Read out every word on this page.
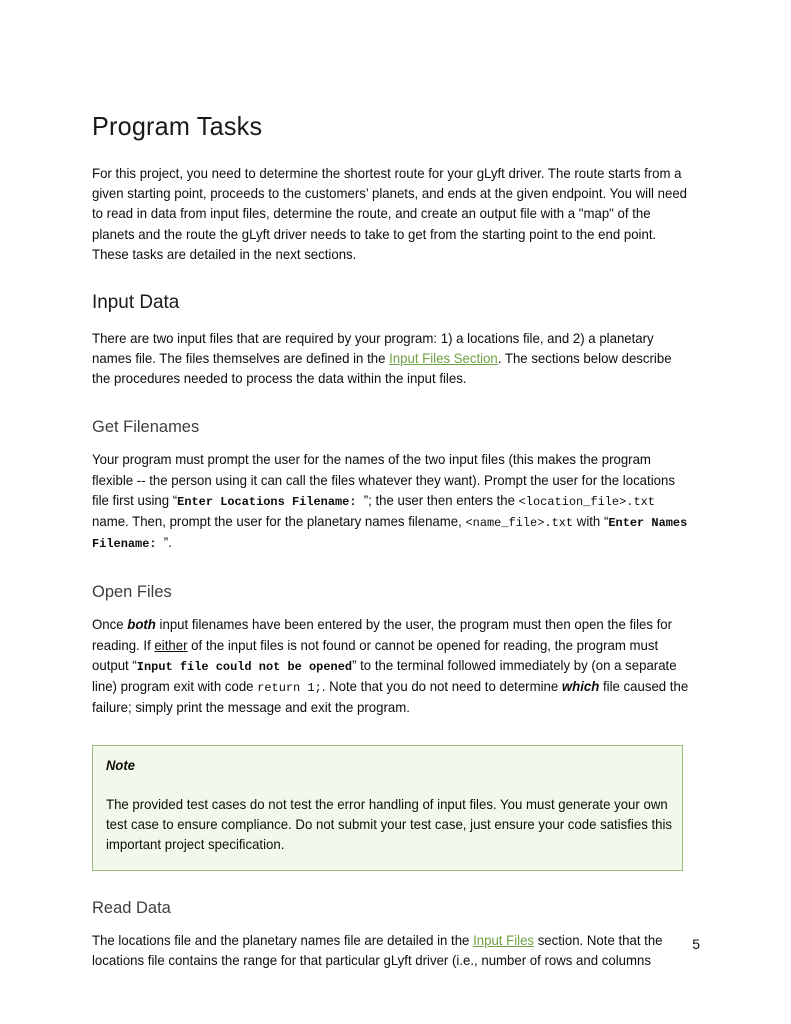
Program Tasks

For this project, you need to determine the shortest route for your gLyft driver. The route starts from a given starting point, proceeds to the customers’ planets, and ends at the given endpoint. You will need to read in data from input files, determine the route, and create an output file with a "map" of the planets and the route the gLyft driver needs to take to get from the starting point to the end point. These tasks are detailed in the next sections.

Input Data

There are two input files that are required by your program: 1) a locations file, and 2) a planetary names file. The files themselves are defined in the Input Files Section. The sections below describe the procedures needed to process the data within the input files.

Get Filenames

Your program must prompt the user for the names of the two input files (this makes the program flexible -- the person using it can call the files whatever they want). Prompt the user for the locations file first using “Enter Locations Filename: ”; the user then enters the <location_file>.txt name. Then, prompt the user for the planetary names filename, <name_file>.txt with “Enter Names Filename: ”.

Open Files

Once both input filenames have been entered by the user, the program must then open the files for reading. If either of the input files is not found or cannot be opened for reading, the program must output “Input file could not be opened” to the terminal followed immediately by (on a separate line) program exit with code return 1;. Note that you do not need to determine which file caused the failure; simply print the message and exit the program.

Note

The provided test cases do not test the error handling of input files. You must generate your own test case to ensure compliance. Do not submit your test case, just ensure your code satisfies this important project specification.

Read Data

The locations file and the planetary names file are detailed in the Input Files section. Note that the locations file contains the range for that particular gLyft driver (i.e., number of rows and columns

5
